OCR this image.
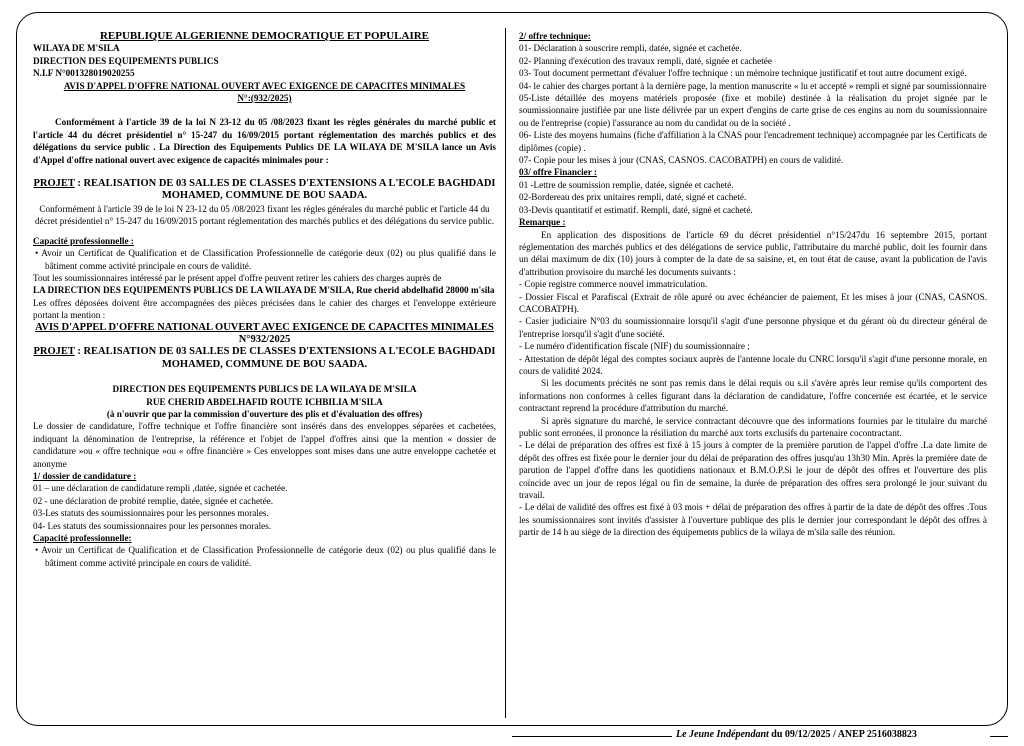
REPUBLIQUE ALGERIENNE DEMOCRATIQUE ET POPULAIRE

WILAYA DE M'SILA

DIRECTION DES EQUIPEMENTS PUBLICS

N.I.F N°001328019020255

AVIS D'APPEL D'OFFRE NATIONAL OUVERT AVEC EXIGENCE DE CAPACITES MINIMALES

N°:(932/2025)

Conformément à l'article 39 de la loi N 23-12 du 05 /08/2023 fixant les règles générales du marché public et l'article 44 du décret présidentiel n° 15-247 du 16/09/2015 portant réglementation des marchés publics et des délégations du service public . La Direction des Equipements Publics DE LA WILAYA DE M'SILA lance un Avis d'Appel d'offre national ouvert avec exigence de capacités minimales pour :

PROJET : REALISATION DE 03 SALLES DE CLASSES D'EXTENSIONS A L'ECOLE BAGHDADI MOHAMED, COMMUNE DE BOU SAADA.

Conformément à l'article 39 de le loi N 23-12 du 05 /08/2023 fixant les règles générales du marché public et l'article 44 du décret présidentiel n° 15-247 du 16/09/2015 portant réglementation des marchés publics et des délégations du service public.

Capacité professionnelle :

• Avoir un Certificat de Qualification et de Classification Professionnelle de catégorie deux (02) ou plus qualifié dans le bâtiment comme activité principale en cours de validité.

Tout les soumissionnaires intéressé par le présent appel d'offre peuvent retirer les cahiers des charges auprès de

LA DIRECTION DES EQUIPEMENTS PUBLICS DE LA WILAYA DE M'SILA, Rue cherid abdelhafid 28000 m'sila

Les offres déposées doivent être accompagnées des pièces précisées dans le cahier des charges et l'enveloppe extérieure portant la mention :

AVIS D'APPEL D'OFFRE NATIONAL OUVERT AVEC EXIGENCE DE CAPACITES MINIMALES

N°932/2025

PROJET : REALISATION DE 03 SALLES DE CLASSES D'EXTENSIONS A L'ECOLE BAGHDADI MOHAMED, COMMUNE DE BOU SAADA.

DIRECTION DES EQUIPEMENTS PUBLICS DE LA WILAYA DE M'SILA

RUE CHERID ABDELHAFID ROUTE ICHBILIA M'SILA

(à n'ouvrir que par la commission d'ouverture des plis et d'évaluation des offres)

Le dossier de candidature, l'offre technique et l'offre financière sont insérés dans des enveloppes séparées et cachetées, indiquant la dénomination de l'entreprise, la référence et l'objet de l'appel d'offres ainsi que la mention « dossier de candidature »ou « offre technique »ou « offre financière » Ces enveloppes sont mises dans une autre enveloppe cachetée et anonyme

1/ dossier de candidature :

01 – une déclaration de candidature rempli ,datée, signée et cachetée.

02 - une déclaration de probité remplie, datée, signée et cachetée.

03-Les statuts des soumissionnaires pour les personnes morales.

04- Les statuts des soumissionnaires pour les personnes morales.

Capacité professionnelle:

• Avoir un Certificat de Qualification et de Classification Professionnelle de catégorie deux (02) ou plus qualifié dans le bâtiment comme activité principale en cours de validité.

2/ offre technique:

01- Déclaration à souscrire rempli, datée, signée et cachetée.

02- Planning d'exécution des travaux rempli, daté, signée et cachetée

03- Tout document permettant d'évaluer l'offre technique : un mémoire technique justificatif et tout autre document exigé.

04- le cahier des charges portant à la dernière page, la mention manuscrite « lu et accepté » rempli et signé par soumissionnaire

05-Liste détaillée des moyens matériels proposée (fixe et mobile) destinée à la réalisation du projet signée par le soumissionnaire justifiée par une liste délivrée par un expert d'engins de carte grise de ces engins au nom du soumissionnaire ou de l'entreprise (copie) l'assurance au nom du candidat ou de la société .

06- Liste des moyens humains (fiche d'affiliation à la CNAS pour l'encadrement technique) accompagnée par les Certificats de diplômes (copie) .

07- Copie pour les mises à jour (CNAS, CASNOS. CACOBATPH) en cours de validité.

03/ offre Financier :

01 -Lettre de soumission remplie, datée, signée et cacheté.

02-Bordereau des prix unitaires rempli, daté, signé et cacheté.

03-Devis quantitatif et estimatif. Rempli, daté, signé et cacheté.

Remarque :

En application des dispositions de l'article 69 du décret présidentiel n°15/247du 16 septembre 2015, portant réglementation des marchés publics et des délégations de service public, l'attributaire du marché public, doit les fournir dans un délai maximum de dix (10) jours à compter de la date de sa saisine, et, en tout état de cause, avant la publication de l'avis d'attribution provisoire du marché les documents suivants :

- Copie registre commerce nouvel immatriculation.

- Dossier Fiscal et Parafiscal (Extrait de rôle apuré ou avec échéancier de paiement, Et les mises à jour (CNAS, CASNOS. CACOBATPH).

- Casier judiciaire N°03 du soumissionnaire lorsqu'il s'agit d'une personne physique et du gérant où du directeur général de l'entreprise lorsqu'il s'agit d'une société.

- Le numéro d'identification fiscale (NIF) du soumissionnaire ;

- Attestation de dépôt légal des comptes sociaux auprès de l'antenne locale du CNRC lorsqu'il s'agit d'une personne morale, en cours de validité 2024.

Si les documents précités ne sont pas remis dans le délai requis ou s.il s'avère après leur remise qu'ils comportent des informations non conformes à celles figurant dans la déclaration de candidature, l'offre concernée est écartée, et le service contractant reprend la procédure d'attribution du marché.

Si après signature du marché, le service contractant découvre que des informations fournies par le titulaire du marché public sont erronées, il prononce la résiliation du marché aux torts exclusifs du partenaire cocontractant.

- Le délai de préparation des offres est fixé à 15 jours à compter de la première parution de l'appel d'offre .La date limite de dépôt des offres est fixée pour le dernier jour du délai de préparation des offres jusqu'au 13h30 Min. Après la première date de parution de l'appel d'offre dans les quotidiens nationaux et B.M.O.P.Si le jour de dépôt des offres et l'ouverture des plis coïncide avec un jour de repos légal ou fin de semaine, la durée de préparation des offres sera prolongé le jour suivant du travail.

- Le délai de validité des offres est fixé à 03 mois + délai de préparation des offres à partir de la date de dépôt des offres .Tous les soumissionnaires sont invités d'assister à l'ouverture publique des plis le dernier jour correspondant le dépôt des offres à partir de 14 h au siège de la direction des équipements publics de la wilaya de m'sila salle des réunion.

Le Jeune Indépendant du 09/12/2025 / ANEP 2516038823
